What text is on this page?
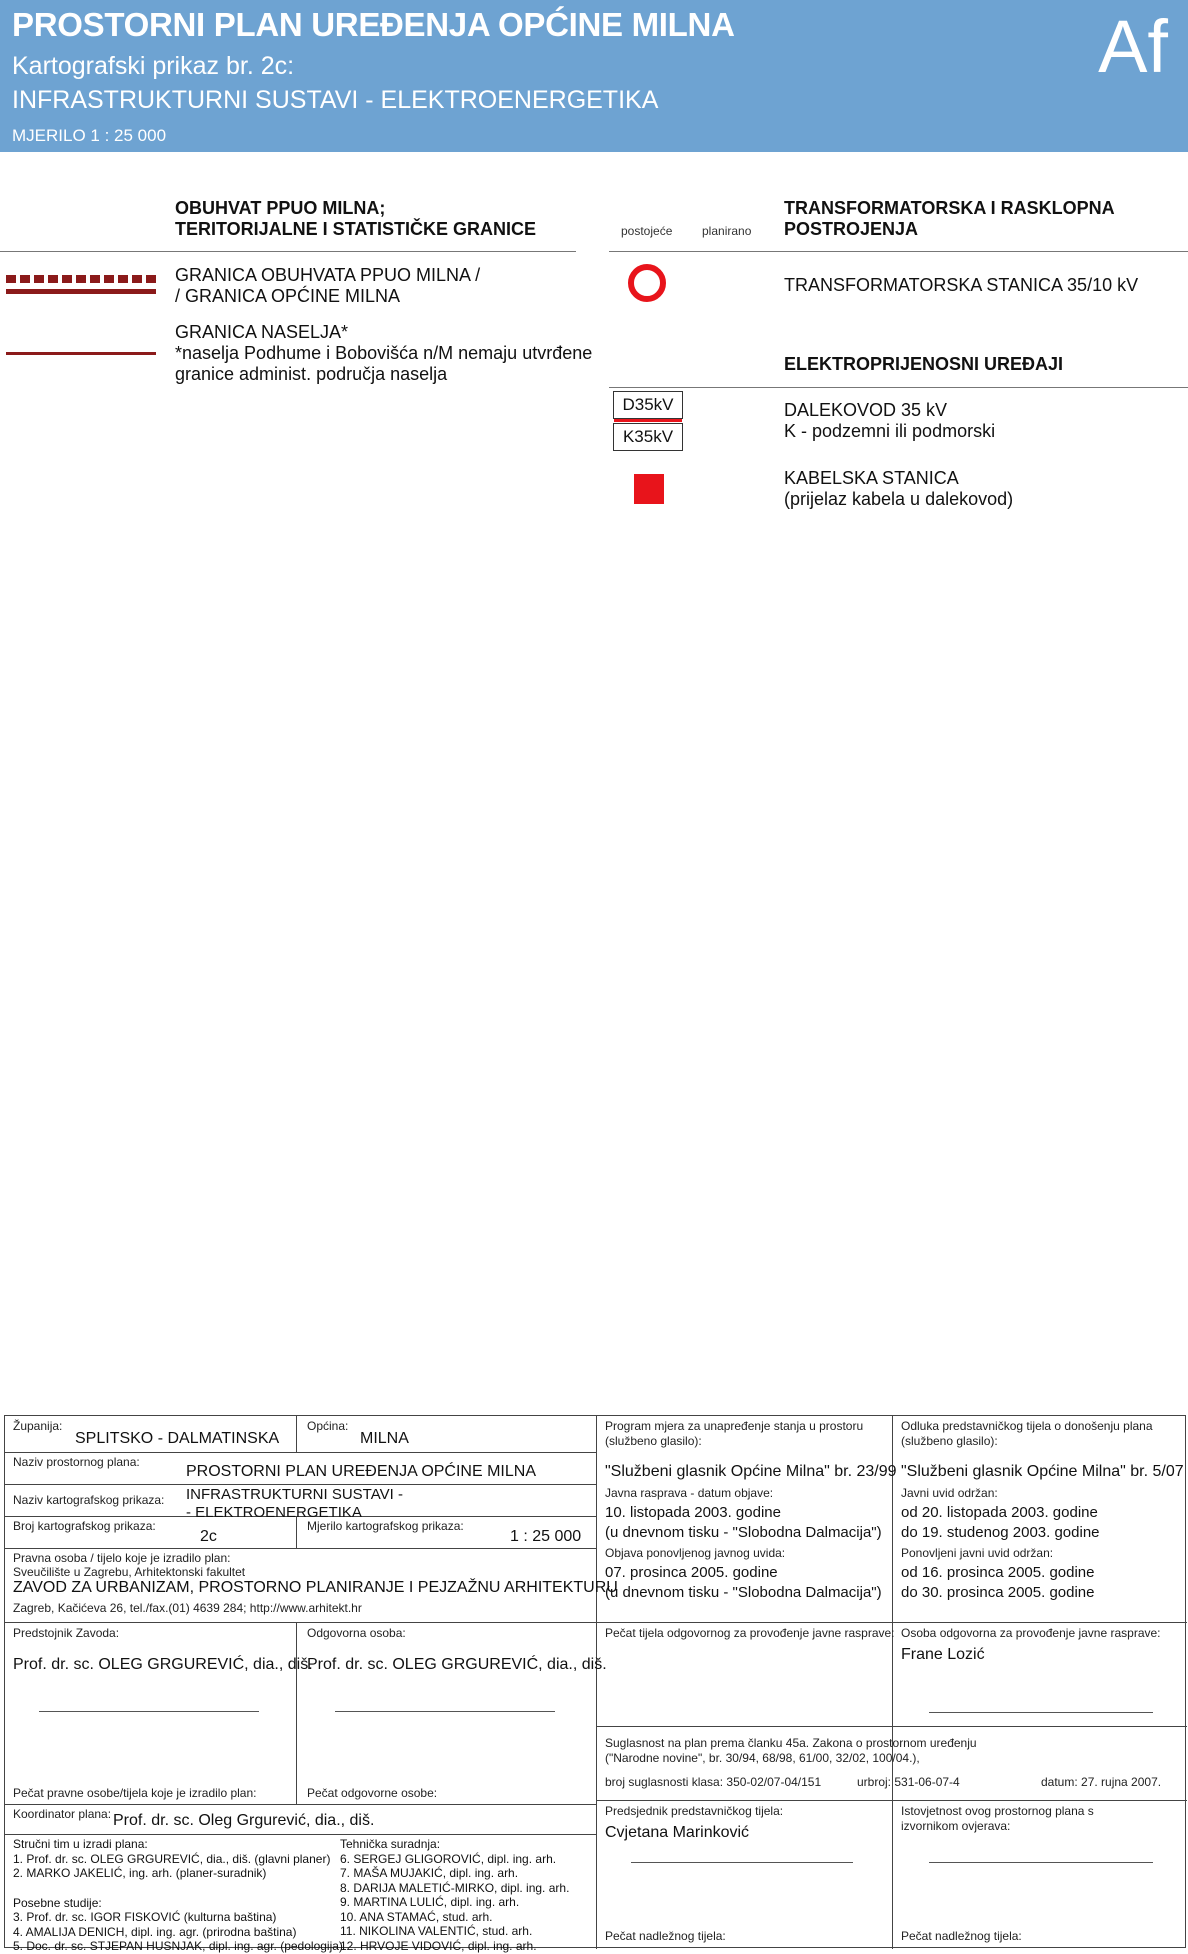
PROSTORNI PLAN UREĐENJA OPĆINE MILNA
Kartografski prikaz br. 2c:
INFRASTRUKTURNI SUSTAVI - ELEKTROENERGETIKA
MJERILO 1 : 25 000
Af
OBUHVAT PPUO MILNA;
TERITORIJALNE I STATISTIČKE GRANICE
GRANICA OBUHVATA PPUO MILNA /
/ GRANICA OPĆINE MILNA
GRANICA NASELJA*
*naselja Podhume i Bobovišća n/M nemaju utvrđene
granice administ. područja naselja
postojeće planirano
TRANSFORMATORSKA I RASKLOPNA
POSTROJENJA
TRANSFORMATORSKA STANICA 35/10 kV
ELEKTROPRIJENOSNI UREĐAJI
D35kV
K35kV
DALEKOVOD 35 kV
K - podzemni ili podmorski
KABELSKA STANICA
(prijelaz kabela u dalekovod)
Županija:
SPLITSKO - DALMATINSKA
Općina:
MILNA
Naziv prostornog plana:
PROSTORNI PLAN UREĐENJA OPĆINE MILNA
Naziv kartografskog prikaza: INFRASTRUKTURNI SUSTAVI -
- ELEKTROENERGETIKA
Broj kartografskog prikaza:
2c
Mjerilo kartografskog prikaza:
1 : 25 000
Pravna osoba / tijelo koje je izradilo plan:
Sveučilište u Zagrebu, Arhitektonski fakultet
ZAVOD ZA URBANIZAM, PROSTORNO PLANIRANJE I PEJZAŽNU ARHITEKTURU
Zagreb, Kačićeva 26, tel./fax.(01) 4639 284; http://www.arhitekt.hr
Predstojnik Zavoda:
Prof. dr. sc. OLEG GRGUREVIĆ, dia., diš.
Odgovorna osoba:
Prof. dr. sc. OLEG GRGUREVIĆ, dia., diš.
Pečat pravne osobe/tijela koje je izradilo plan:	Pečat odgovorne osobe:
Koordinator plana: Prof. dr. sc. Oleg Grgurević, dia., diš.
Stručni tim u izradi plana:
1. Prof. dr. sc. OLEG GRGUREVIĆ, dia., diš. (glavni planer)
2. MARKO JAKELIĆ, ing. arh. (planer-suradnik)
Posebne studije:
3. Prof. dr. sc. IGOR FISKOVIĆ (kulturna baština)
4. AMALIJA DENICH, dipl. ing. agr. (prirodna baština)
5. Doc. dr. sc. STJEPAN HUSNJAK, dipl. ing. agr. (pedologija)
Tehnička suradnja:
6. SERGEJ GLIGOROVIĆ, dipl. ing. arh.
7. MAŠA MUJAKIĆ, dipl. ing. arh.
8. DARIJA MALETIĆ-MIRKO, dipl. ing. arh.
9. MARTINA LULIĆ, dipl. ing. arh.
10. ANA STAMAĆ, stud. arh.
11. NIKOLINA VALENTIĆ, stud. arh.
12. HRVOJE VIDOVIĆ, dipl. ing. arh.
Program mjera za unapređenje stanja u prostoru
(službeno glasilo):
"Službeni glasnik Općine Milna" br. 23/99
Javna rasprava - datum objave:
10. listopada 2003. godine
(u dnevnom tisku - "Slobodna Dalmacija")
Objava ponovljenog javnog uvida:
07. prosinca 2005. godine
(u dnevnom tisku - "Slobodna Dalmacija")
Pečat tijela odgovornog za provođenje javne rasprave:
Suglasnost na plan prema članku 45a. Zakona o prostornom uređenju
("Narodne novine", br. 30/94, 68/98, 61/00, 32/02, 100/04.),
broj suglasnosti klasa: 350-02/07-04/151	urbroj: 531-06-07-4	datum: 27. rujna 2007.
Predsjednik predstavničkog tijela:
Cvjetana Marinković
Pečat nadležnog tijela:
Odluka predstavničkog tijela o donošenju plana
(službeno glasilo):
"Službeni glasnik Općine Milna" br. 5/07
Javni uvid održan:
od 20. listopada 2003. godine
do 19. studenog 2003. godine
Ponovljeni javni uvid održan:
od 16. prosinca 2005. godine
do 30. prosinca 2005. godine
Osoba odgovorna za provođenje javne rasprave:
Frane Lozić
Istovjetnost ovog prostornog plana s
izvornikom ovjerava:
Pečat nadležnog tijela:
